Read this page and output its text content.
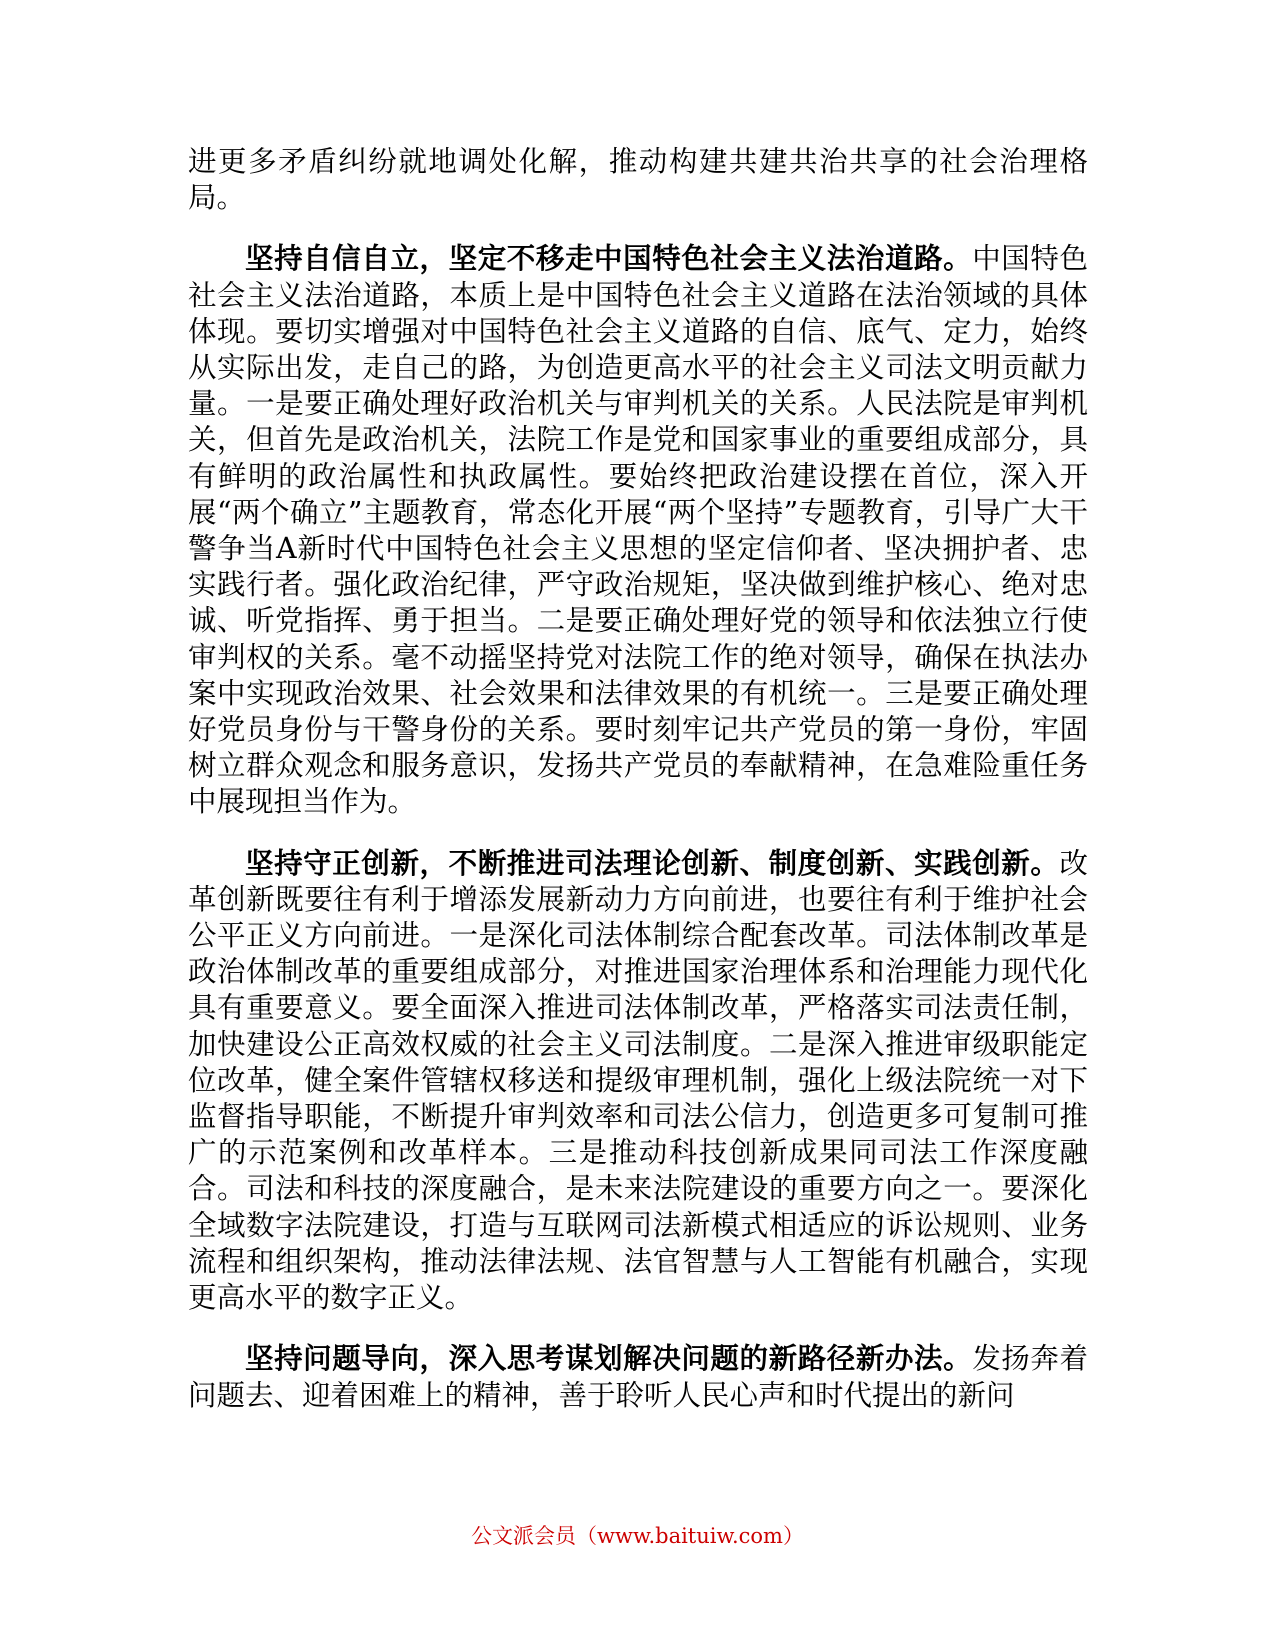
进更多矛盾纠纷就地调处化解，推动构建共建共治共享的社会治理格局。

坚持自信自立，坚定不移走中国特色社会主义法治道路。中国特色社会主义法治道路，本质上是中国特色社会主义道路在法治领域的具体体现。要切实增强对中国特色社会主义道路的自信、底气、定力，始终从实际出发，走自己的路，为创造更高水平的社会主义司法文明贡献力量。一是要正确处理好政治机关与审判机关的关系。人民法院是审判机关，但首先是政治机关，法院工作是党和国家事业的重要组成部分，具有鲜明的政治属性和执政属性。要始终把政治建设摆在首位，深入开展“两个确立”主题教育，常态化开展“两个坚持”专题教育，引导广大干警争当A新时代中国特色社会主义思想的坚定信仰者、坚决拥护者、忠实践行者。强化政治纪律，严守政治规矩，坚决做到维护核心、绝对忠诚、听党指挥、勇于担当。二是要正确处理好党的领导和依法独立行使审判权的关系。毫不动摇坚持党对法院工作的绝对领导，确保在执法办案中实现政治效果、社会效果和法律效果的有机统一。三是要正确处理好党员身份与干警身份的关系。要时刻牢记共产党员的第一身份，牢固树立群众观念和服务意识，发扬共产党员的奉献精神，在急难险重任务中展现担当作为。

坚持守正创新，不断推进司法理论创新、制度创新、实践创新。改革创新既要往有利于增添发展新动力方向前进，也要往有利于维护社会公平正义方向前进。一是深化司法体制综合配套改革。司法体制改革是政治体制改革的重要组成部分，对推进国家治理体系和治理能力现代化具有重要意义。要全面深入推进司法体制改革，严格落实司法责任制，加快建设公正高效权威的社会主义司法制度。二是深入推进审级职能定位改革，健全案件管辖权移送和提级审理机制，强化上级法院统一对下监督指导职能，不断提升审判效率和司法公信力，创造更多可复制可推广的示范案例和改革样本。三是推动科技创新成果同司法工作深度融合。司法和科技的深度融合，是未来法院建设的重要方向之一。要深化全域数字法院建设，打造与互联网司法新模式相适应的诉讼规则、业务流程和组织架构，推动法律法规、法官智慧与人工智能有机融合，实现更高水平的数字正义。

坚持问题导向，深入思考谋划解决问题的新路径新办法。发扬奔着问题去、迎着困难上的精神，善于聆听人民心声和时代提出的新问

公文派会员（www.baituiw.com）
